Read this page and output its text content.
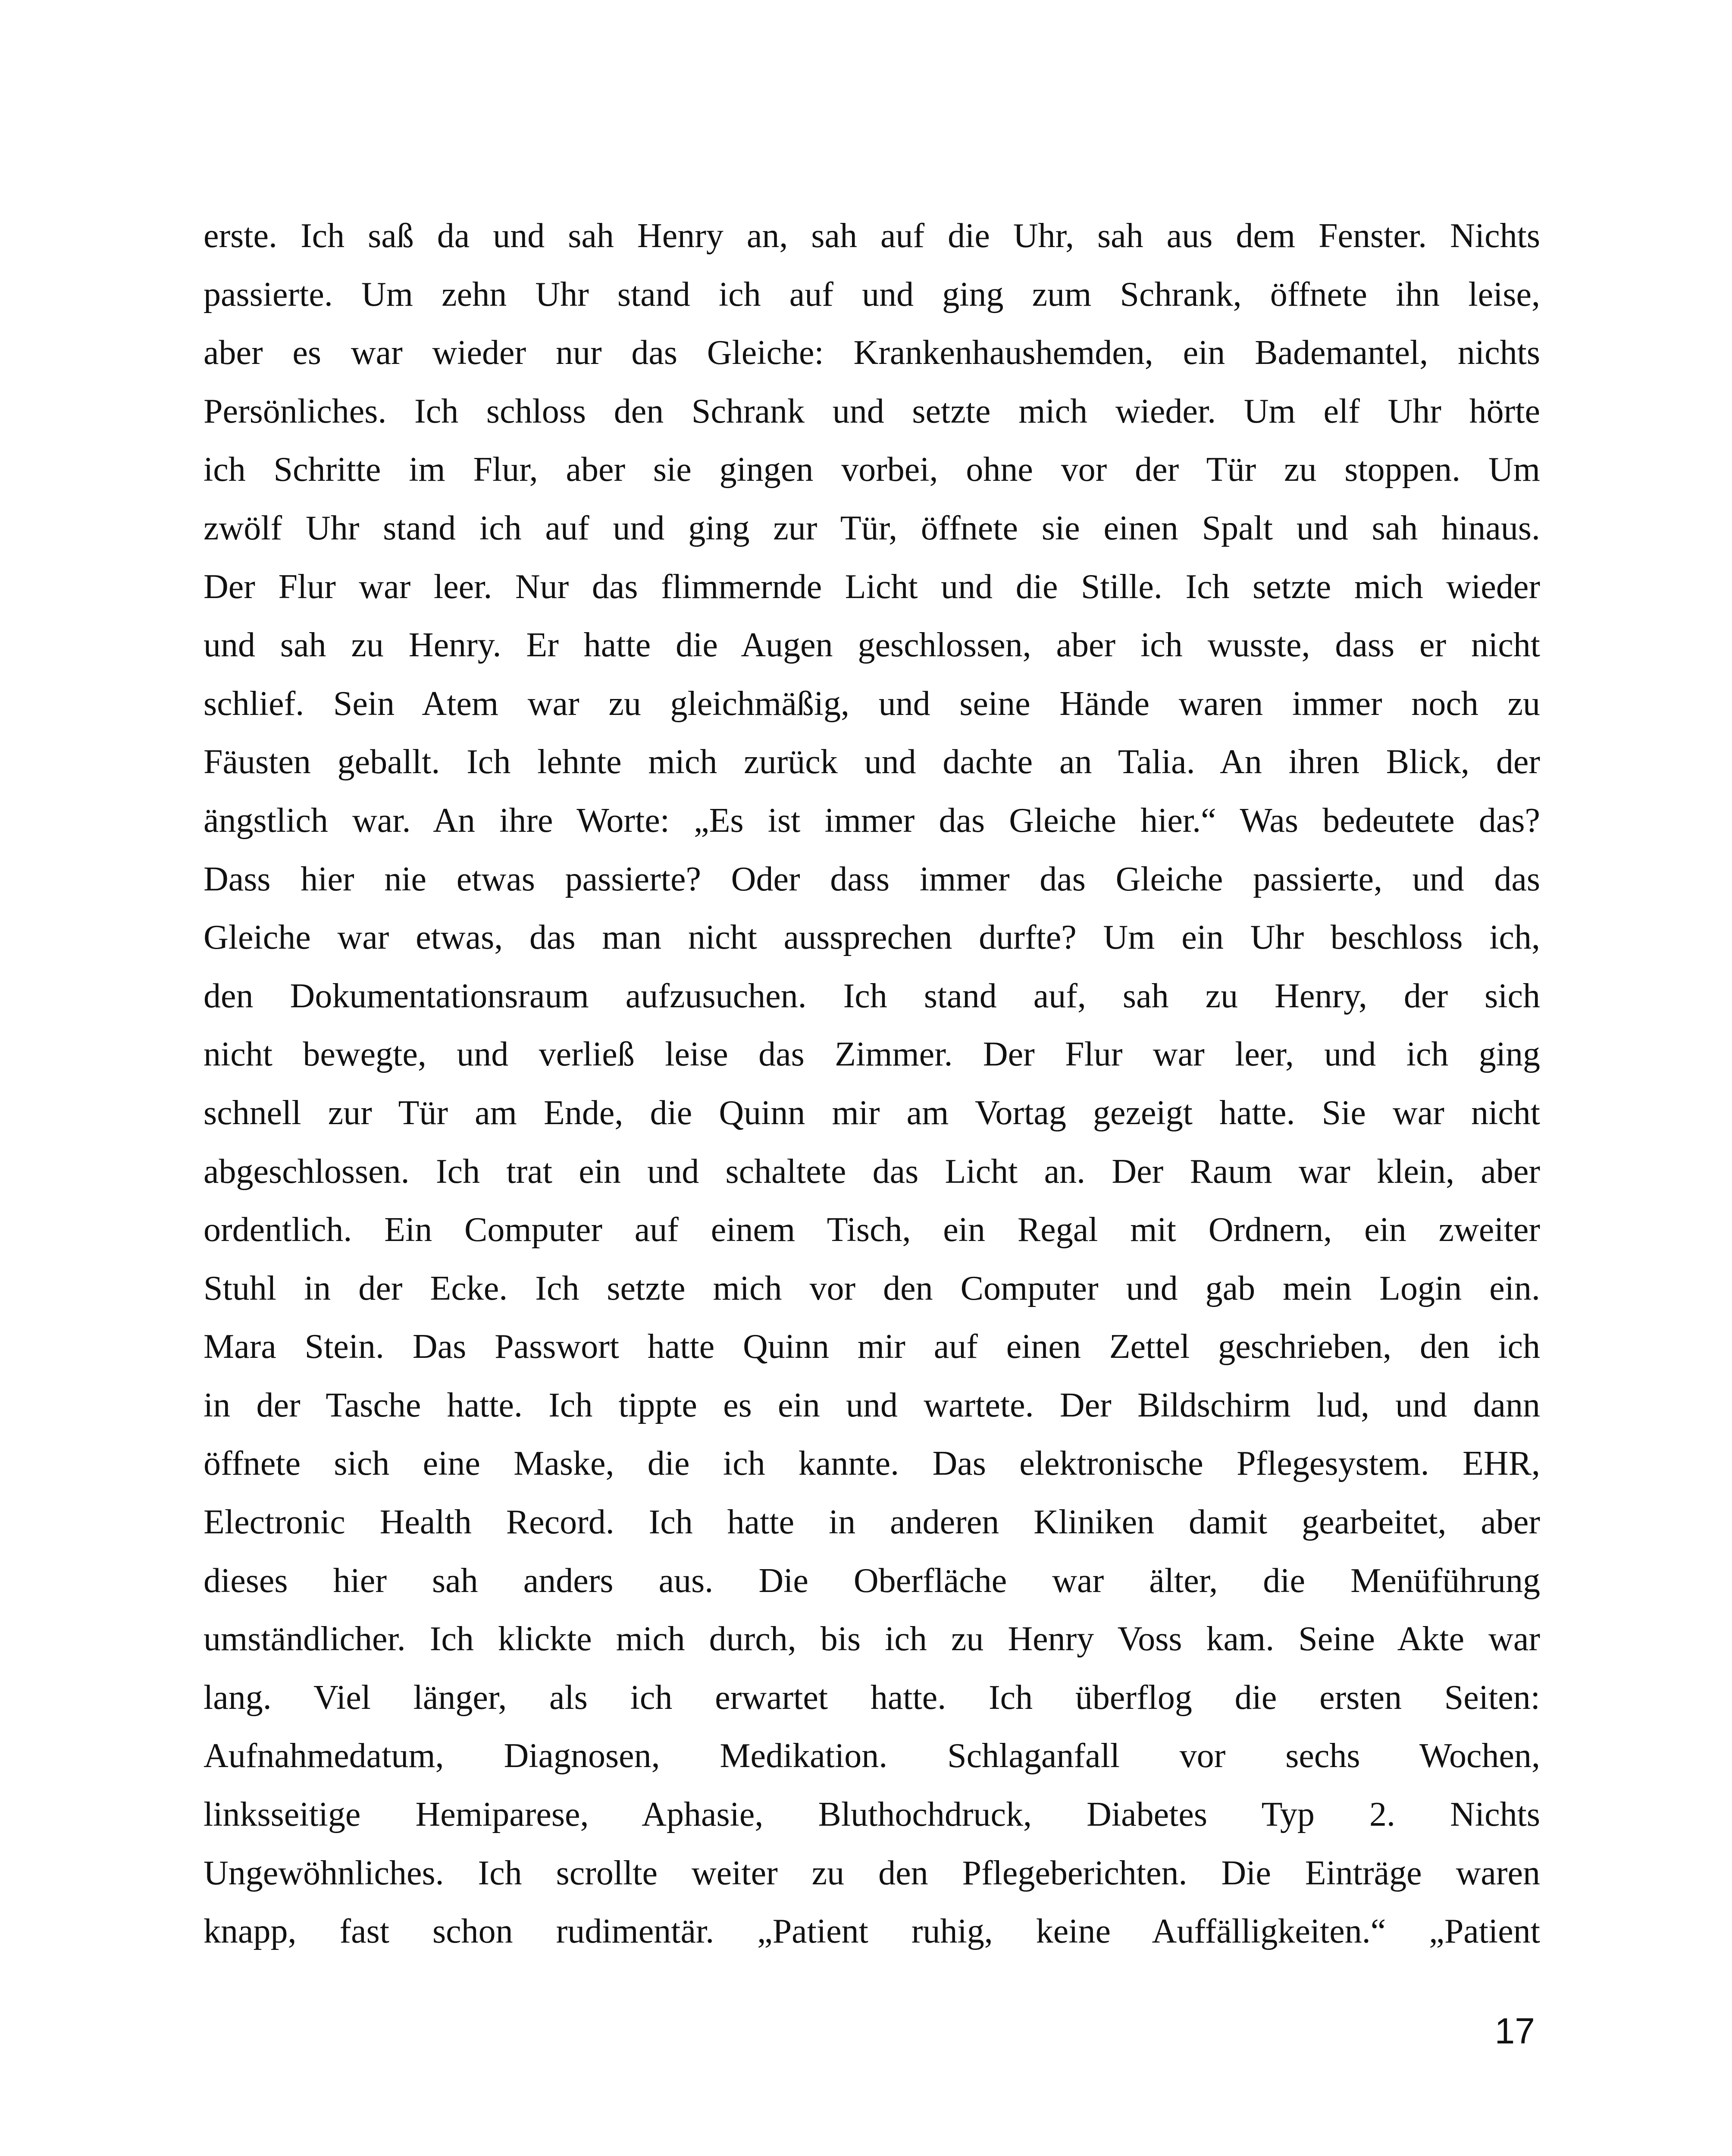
erste. Ich saß da und sah Henry an, sah auf die Uhr, sah aus dem Fenster. Nichts
passierte. Um zehn Uhr stand ich auf und ging zum Schrank, öffnete ihn leise,
aber es war wieder nur das Gleiche: Krankenhaushemden, ein Bademantel, nichts
Persönliches. Ich schloss den Schrank und setzte mich wieder. Um elf Uhr hörte
ich Schritte im Flur, aber sie gingen vorbei, ohne vor der Tür zu stoppen. Um
zwölf Uhr stand ich auf und ging zur Tür, öffnete sie einen Spalt und sah hinaus.
Der Flur war leer. Nur das flimmernde Licht und die Stille. Ich setzte mich wieder
und sah zu Henry. Er hatte die Augen geschlossen, aber ich wusste, dass er nicht
schlief. Sein Atem war zu gleichmäßig, und seine Hände waren immer noch zu
Fäusten geballt. Ich lehnte mich zurück und dachte an Talia. An ihren Blick, der
ängstlich war. An ihre Worte: „Es ist immer das Gleiche hier.“ Was bedeutete das?
Dass hier nie etwas passierte? Oder dass immer das Gleiche passierte, und das
Gleiche war etwas, das man nicht aussprechen durfte? Um ein Uhr beschloss ich,
den Dokumentationsraum aufzusuchen. Ich stand auf, sah zu Henry, der sich
nicht bewegte, und verließ leise das Zimmer. Der Flur war leer, und ich ging
schnell zur Tür am Ende, die Quinn mir am Vortag gezeigt hatte. Sie war nicht
abgeschlossen. Ich trat ein und schaltete das Licht an. Der Raum war klein, aber
ordentlich. Ein Computer auf einem Tisch, ein Regal mit Ordnern, ein zweiter
Stuhl in der Ecke. Ich setzte mich vor den Computer und gab mein Login ein.
Mara Stein. Das Passwort hatte Quinn mir auf einen Zettel geschrieben, den ich
in der Tasche hatte. Ich tippte es ein und wartete. Der Bildschirm lud, und dann
öffnete sich eine Maske, die ich kannte. Das elektronische Pflegesystem. EHR,
Electronic Health Record. Ich hatte in anderen Kliniken damit gearbeitet, aber
dieses hier sah anders aus. Die Oberfläche war älter, die Menüführung
umständlicher. Ich klickte mich durch, bis ich zu Henry Voss kam. Seine Akte war
lang. Viel länger, als ich erwartet hatte. Ich überflog die ersten Seiten:
Aufnahmedatum, Diagnosen, Medikation. Schlaganfall vor sechs Wochen,
linksseitige Hemiparese, Aphasie, Bluthochdruck, Diabetes Typ 2. Nichts
Ungewöhnliches. Ich scrollte weiter zu den Pflegeberichten. Die Einträge waren
knapp, fast schon rudimentär. „Patient ruhig, keine Auffälligkeiten.“ „Patient
17
